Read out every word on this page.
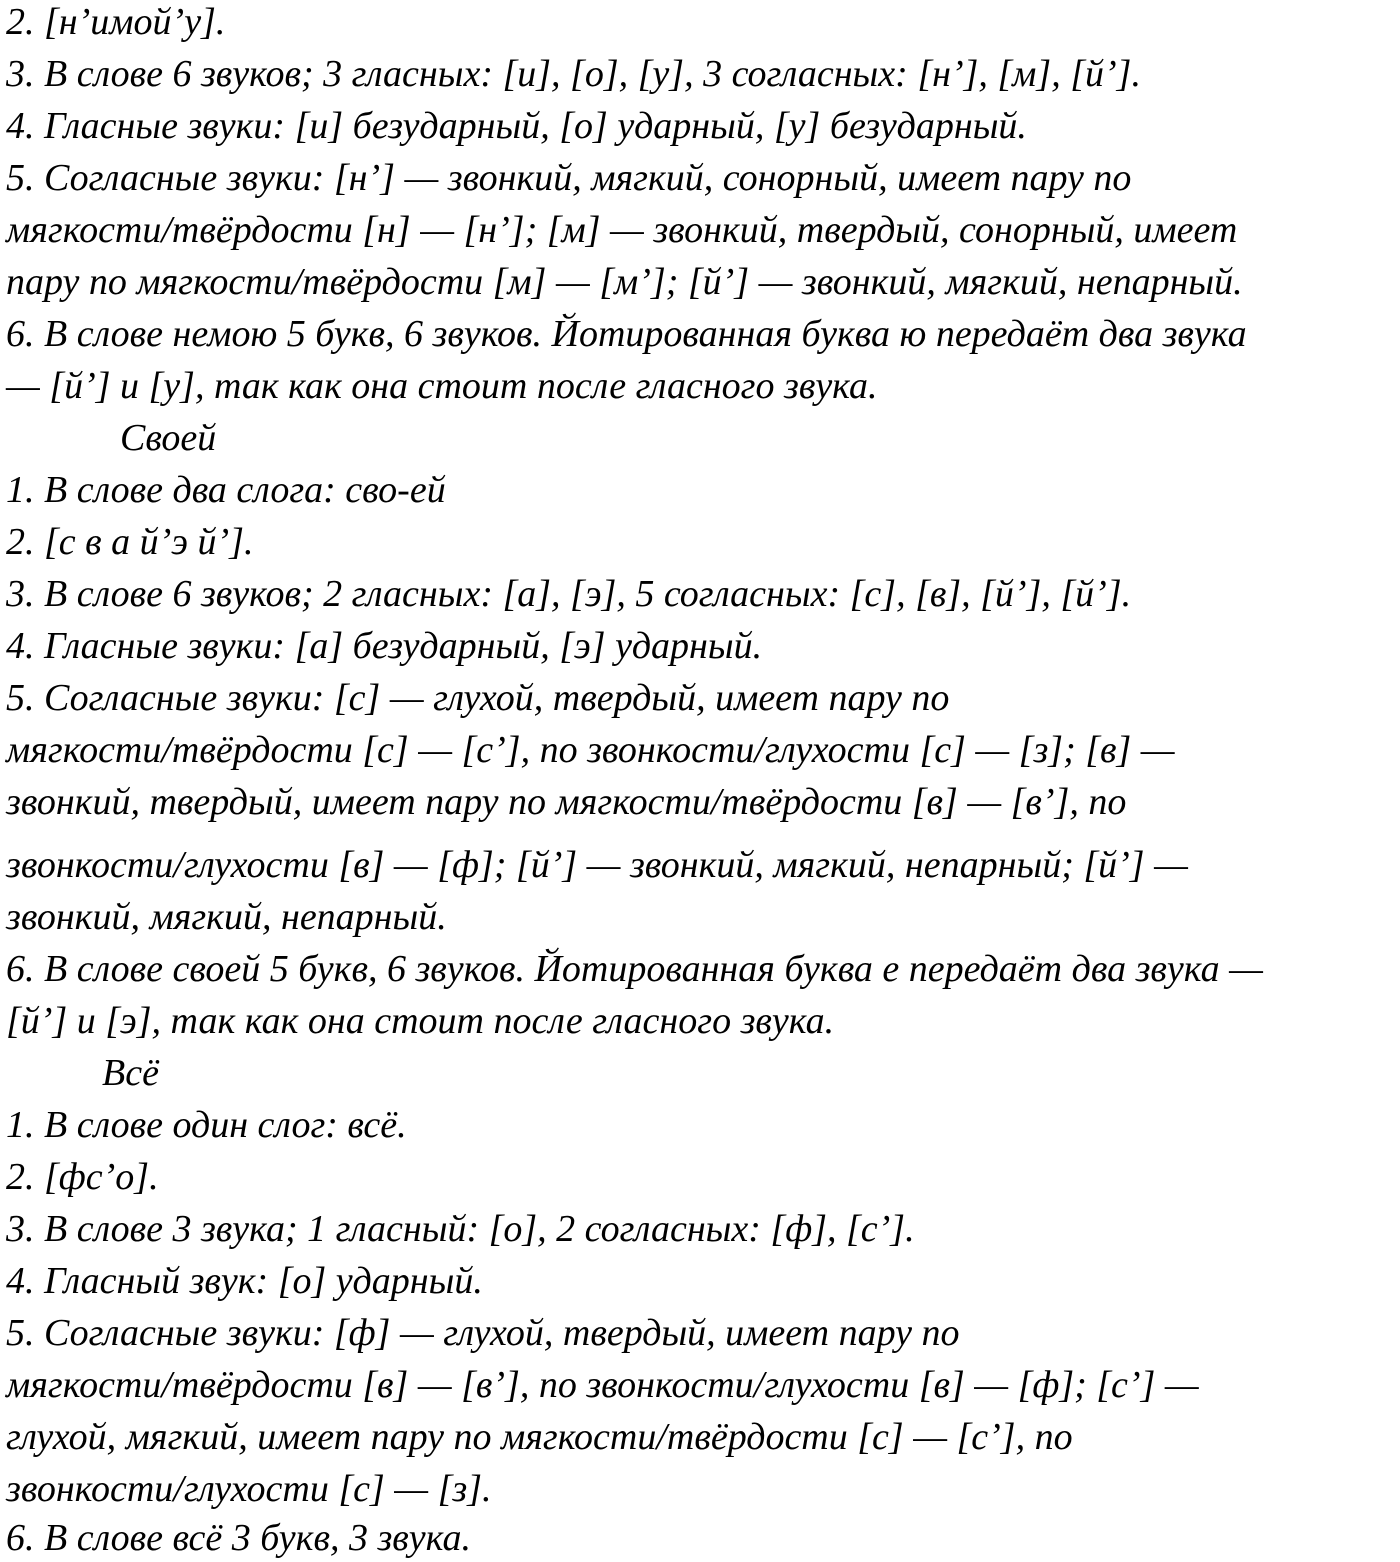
2. [н’имой’у].
3. В слове 6 звуков; 3 гласных: [и], [о], [у], 3 согласных: [н’], [м], [й’].
4. Гласные звуки: [и] безударный, [о] ударный, [у] безударный.
5. Согласные звуки: [н’] — звонкий, мягкий, сонорный, имеет пару по
мягкости/твёрдости [н] — [н’]; [м] — звонкий, твердый, сонорный, имеет
пару по мягкости/твёрдости [м] — [м’]; [й’] — звонкий, мягкий, непарный.
6. В слове немою 5 букв, 6 звуков. Йотированная буква ю передаёт два звука
— [й’] и [у], так как она стоит после гласного звука.
Своей
1. В слове два слога: сво-ей
2. [с в а й’э й’].
3. В слове 6 звуков; 2 гласных: [а], [э], 5 согласных: [с], [в], [й’], [й’].
4. Гласные звуки: [а] безударный, [э] ударный.
5. Согласные звуки: [с] — глухой, твердый, имеет пару по
мягкости/твёрдости [с] — [с’], по звонкости/глухости [с] — [з]; [в] —
звонкий, твердый, имеет пару по мягкости/твёрдости [в] — [в’], по
звонкости/глухости [в] — [ф]; [й’] — звонкий, мягкий, непарный; [й’] —
звонкий, мягкий, непарный.
6. В слове своей 5 букв, 6 звуков. Йотированная буква е передаёт два звука —
[й’] и [э], так как она стоит после гласного звука.
Всё
1. В слове один слог: всё.
2. [фс’о].
3. В слове 3 звука; 1 гласный: [о], 2 согласных: [ф], [с’].
4. Гласный звук: [о] ударный.
5. Согласные звуки: [ф] — глухой, твердый, имеет пару по
мягкости/твёрдости [в] — [в’], по звонкости/глухости [в] — [ф]; [с’] —
глухой, мягкий, имеет пару по мягкости/твёрдости [с] — [с’], по
звонкости/глухости [с] — [з].
6. В слове всё 3 букв, 3 звука.
